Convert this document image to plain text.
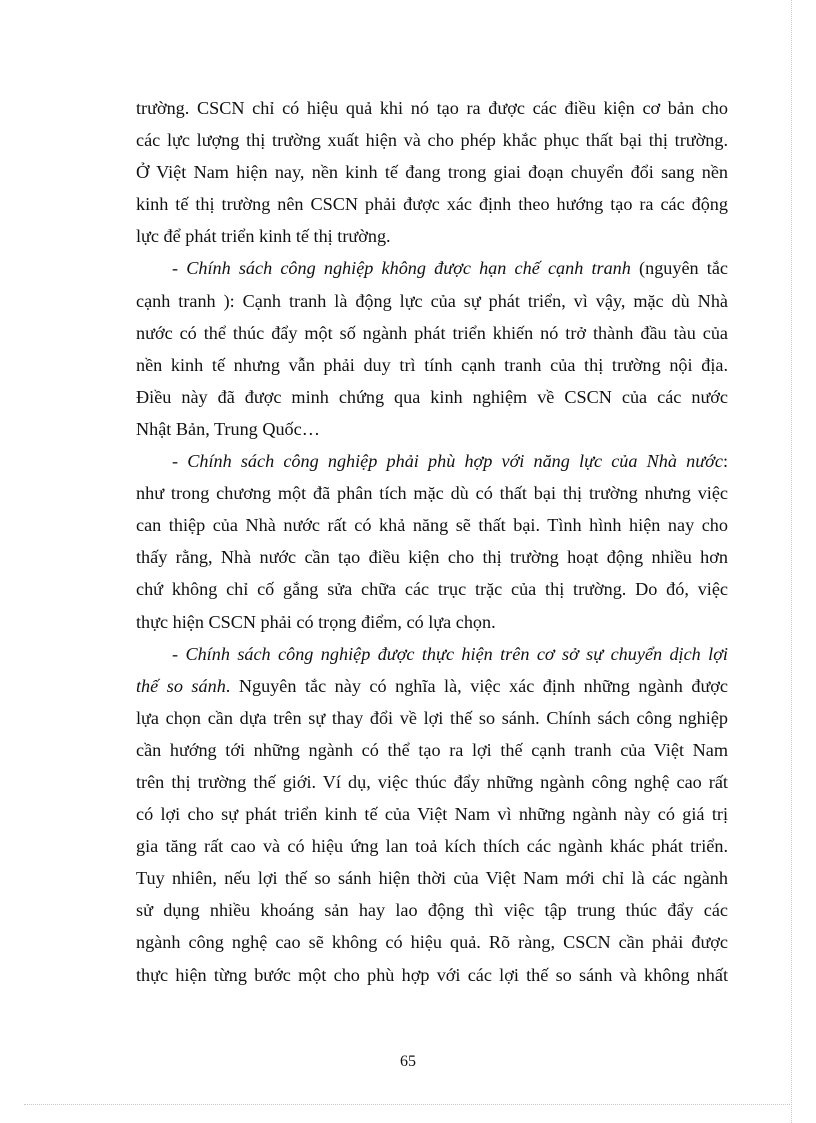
trường. CSCN chỉ có hiệu quả khi nó tạo ra được các điều kiện cơ bản cho
các lực lượng thị trường xuất hiện và cho phép khắc phục thất bại thị trường.
Ở Việt Nam hiện nay, nền kinh tế đang trong giai đoạn chuyển đổi sang nền
kinh tế thị trường nên CSCN phải được xác định theo hướng tạo ra các động
lực để phát triển kinh tế thị trường.
- Chính sách công nghiệp không được hạn chế cạnh tranh (nguyên tắc
cạnh tranh ): Cạnh tranh là động lực của sự phát triển, vì vậy, mặc dù Nhà
nước có thể thúc đẩy một số ngành phát triển khiến nó trở thành đầu tàu của
nền kinh tế nhưng vẫn phải duy trì tính cạnh tranh của thị trường nội địa.
Điều này đã được minh chứng qua kinh nghiệm về CSCN của các nước
Nhật Bản, Trung Quốc…
- Chính sách công nghiệp phải phù hợp với năng lực của Nhà nước:
như trong chương một đã phân tích mặc dù có thất bại thị trường nhưng việc
can thiệp của Nhà nước rất có khả năng sẽ thất bại. Tình hình hiện nay cho
thấy rằng, Nhà nước cần tạo điều kiện cho thị trường hoạt động nhiều hơn
chứ không chỉ cố gắng sửa chữa các trục trặc của thị trường. Do đó, việc
thực hiện CSCN phải có trọng điểm, có lựa chọn.
- Chính sách công nghiệp được thực hiện trên cơ sở sự chuyển dịch lợi
thế so sánh. Nguyên tắc này có nghĩa là, việc xác định những ngành được
lựa chọn cần dựa trên sự thay đổi về lợi thế so sánh. Chính sách công nghiệp
cần hướng tới những ngành có thể tạo ra lợi thế cạnh tranh của Việt Nam
trên thị trường thế giới. Ví dụ, việc thúc đẩy những ngành công nghệ cao rất
có lợi cho sự phát triển kinh tế của Việt Nam vì những ngành này có giá trị
gia tăng rất cao và có hiệu ứng lan toả kích thích các ngành khác phát triển.
Tuy nhiên, nếu lợi thế so sánh hiện thời của Việt Nam mới chỉ là các ngành
sử dụng nhiều khoáng sản hay lao động thì việc tập trung thúc đẩy các
ngành công nghệ cao sẽ không có hiệu quả. Rõ ràng, CSCN cần phải được
thực hiện từng bước một cho phù hợp với các lợi thế so sánh và không nhất
65
